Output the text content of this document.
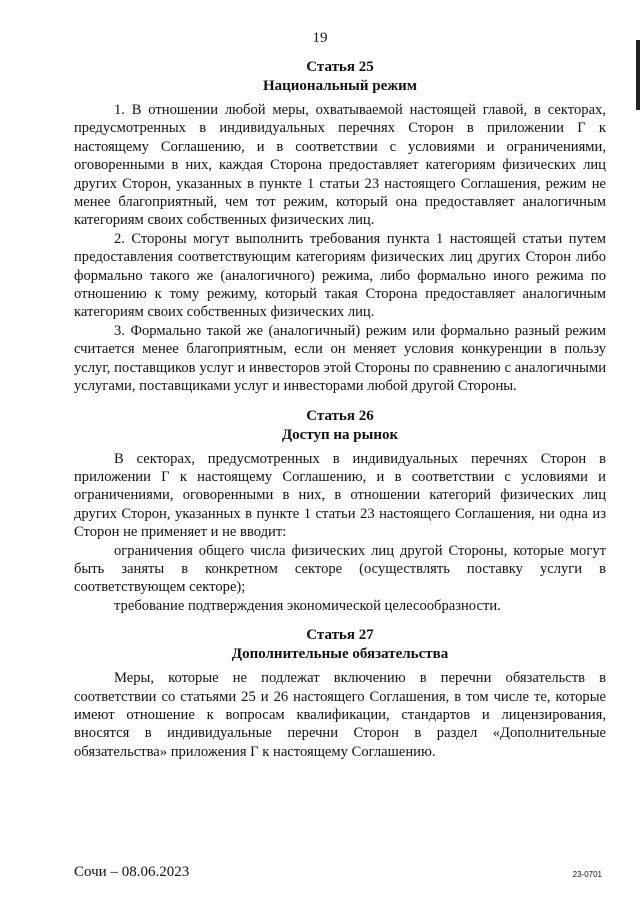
19
Статья 25
Национальный режим

1. В отношении любой меры, охватываемой настоящей главой, в секторах, предусмотренных в индивидуальных перечнях Сторон в приложении Г к настоящему Соглашению, и в соответствии с условиями и ограничениями, оговоренными в них, каждая Сторона предоставляет категориям физических лиц других Сторон, указанных в пункте 1 статьи 23 настоящего Соглашения, режим не менее благоприятный, чем тот режим, который она предоставляет аналогичным категориям своих собственных физических лиц.

2. Стороны могут выполнить требования пункта 1 настоящей статьи путем предоставления соответствующим категориям физических лиц других Сторон либо формально такого же (аналогичного) режима, либо формально иного режима по отношению к тому режиму, который такая Сторона предоставляет аналогичным категориям своих собственных физических лиц.

3. Формально такой же (аналогичный) режим или формально разный режим считается менее благоприятным, если он меняет условия конкуренции в пользу услуг, поставщиков услуг и инвесторов этой Стороны по сравнению с аналогичными услугами, поставщиками услуг и инвесторами любой другой Стороны.

Статья 26
Доступ на рынок

В секторах, предусмотренных в индивидуальных перечнях Сторон в приложении Г к настоящему Соглашению, и в соответствии с условиями и ограничениями, оговоренными в них, в отношении категорий физических лиц других Сторон, указанных в пункте 1 статьи 23 настоящего Соглашения, ни одна из Сторон не применяет и не вводит:

ограничения общего числа физических лиц другой Стороны, которые могут быть заняты в конкретном секторе (осуществлять поставку услуги в соответствующем секторе);

требование подтверждения экономической целесообразности.

Статья 27
Дополнительные обязательства

Меры, которые не подлежат включению в перечни обязательств в соответствии со статьями 25 и 26 настоящего Соглашения, в том числе те, которые имеют отношение к вопросам квалификации, стандартов и лицензирования, вносятся в индивидуальные перечни Сторон в раздел «Дополнительные обязательства» приложения Г к настоящему Соглашению.

Сочи – 08.06.2023	23-0701
